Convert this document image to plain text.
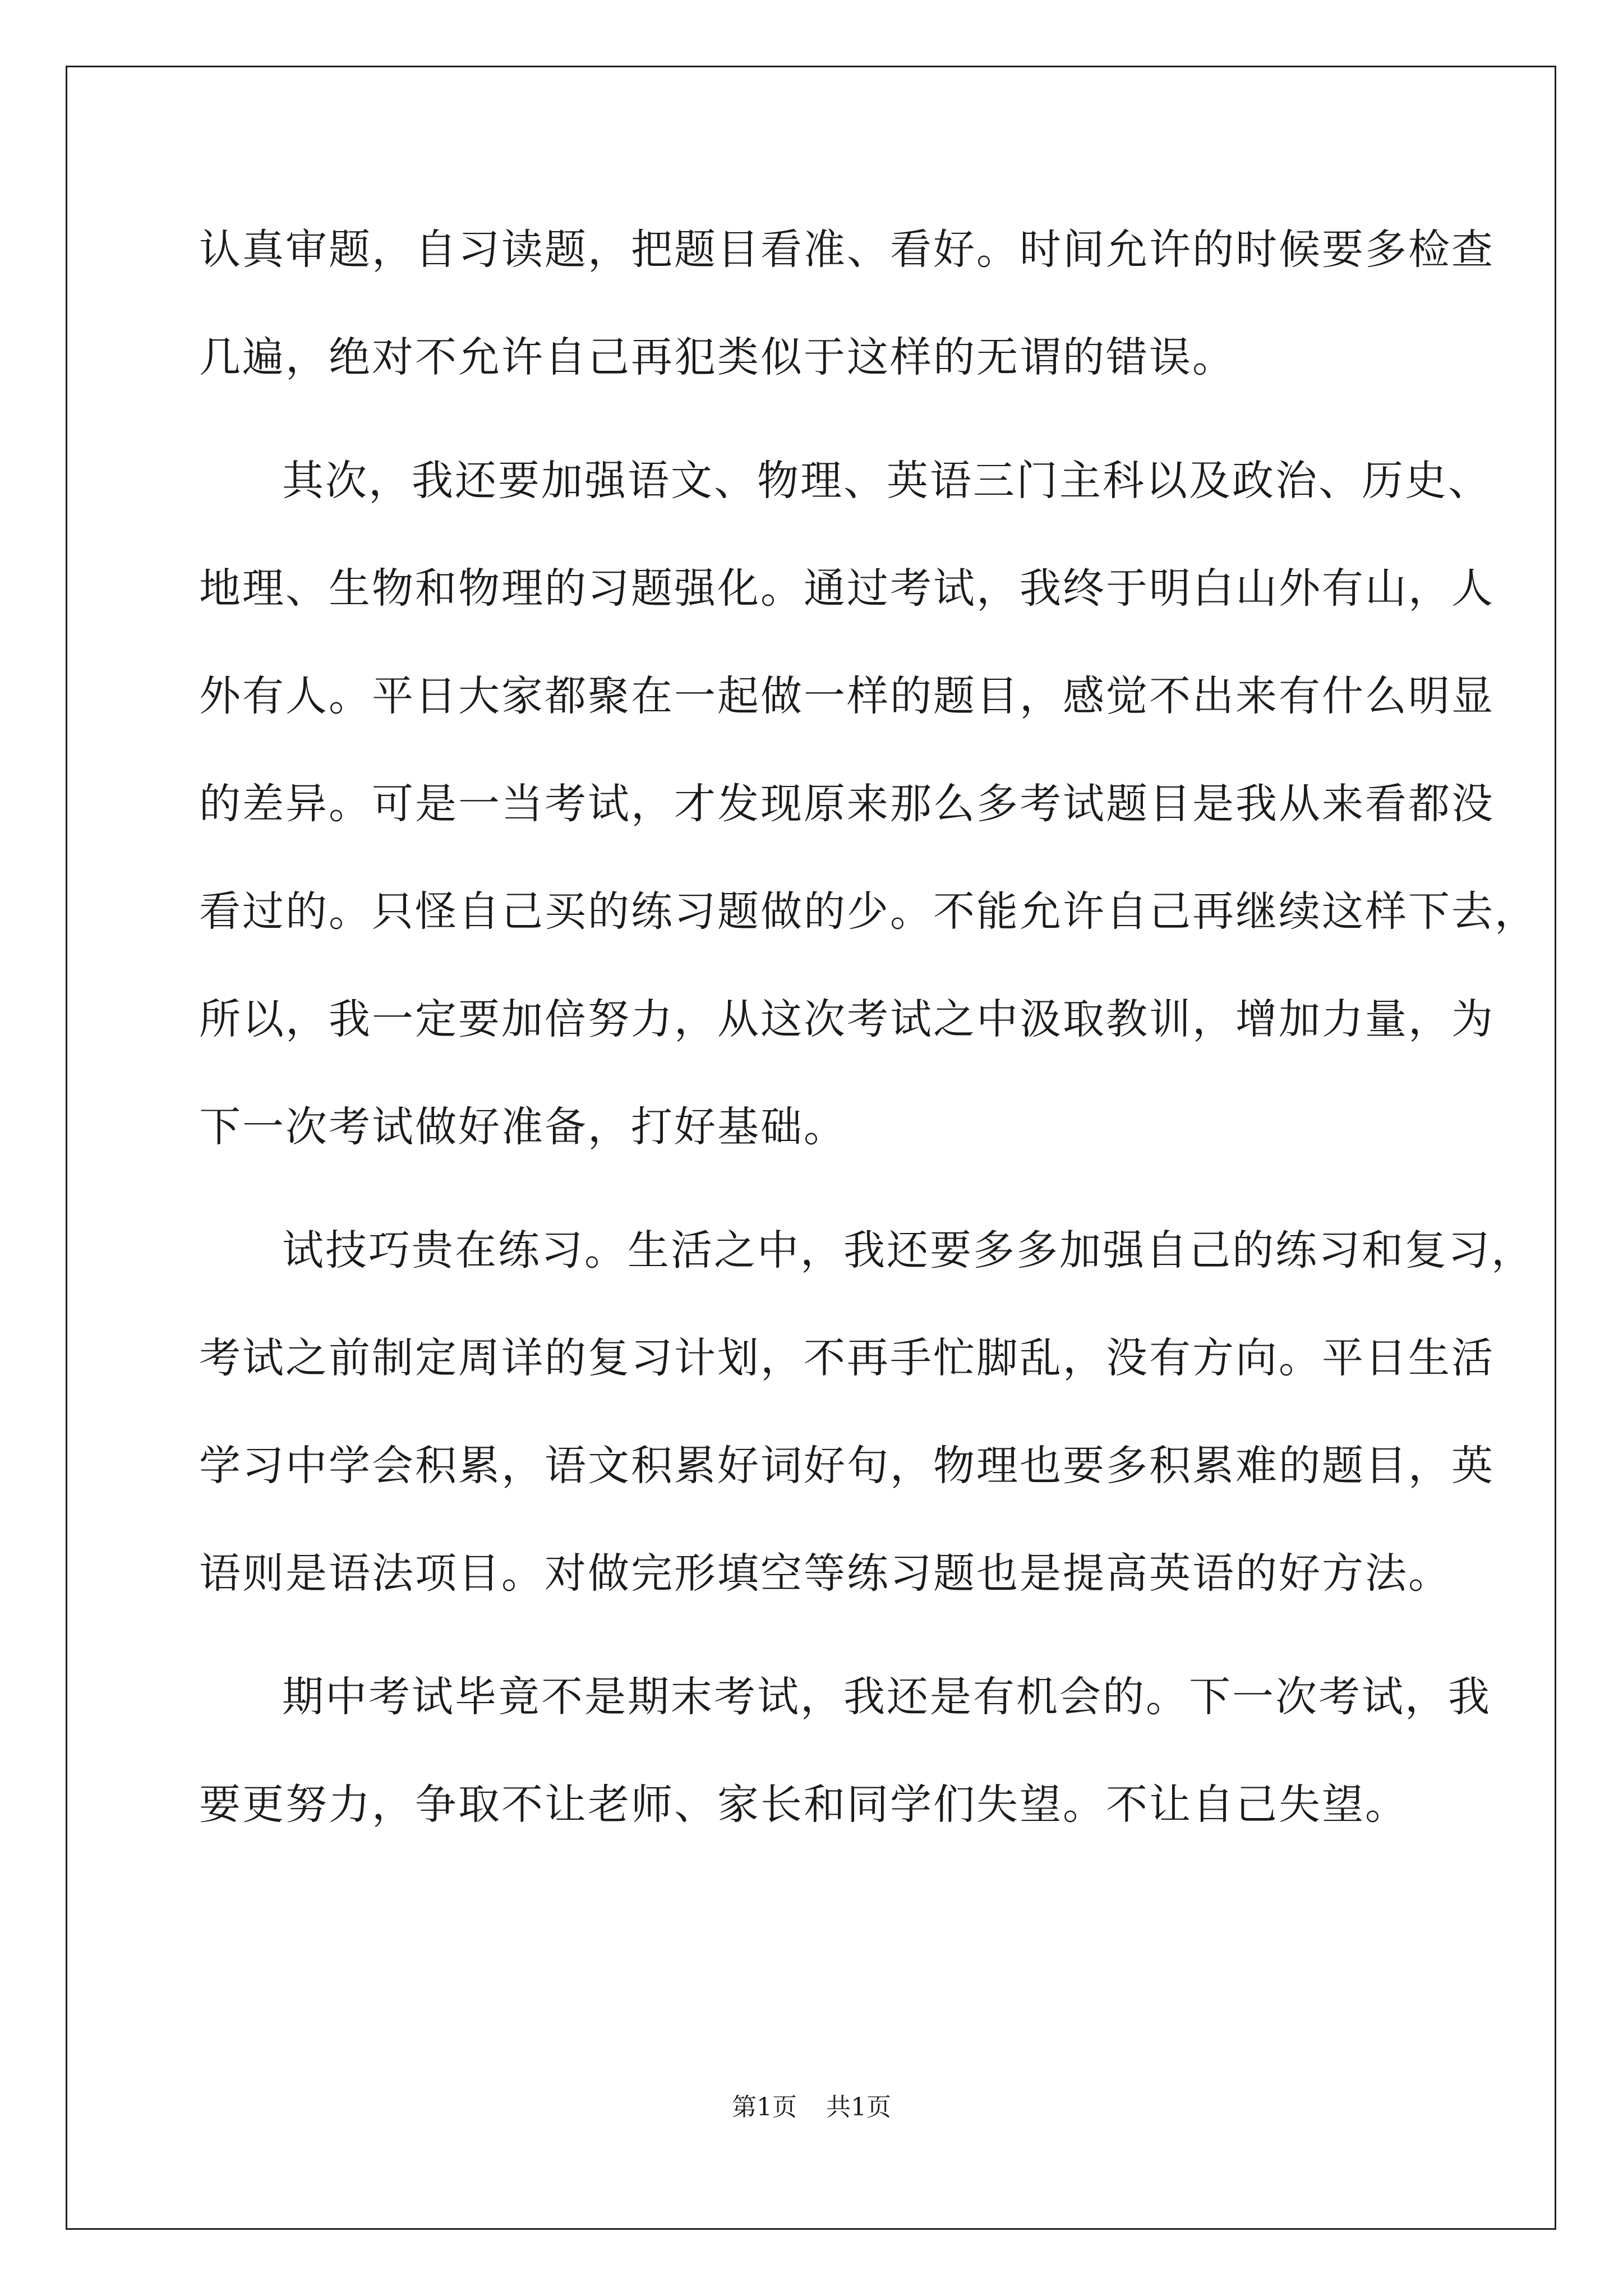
认真审题，自习读题，把题目看准、看好。时间允许的时候要多检查
几遍，绝对不允许自己再犯类似于这样的无谓的错误。
其次，我还要加强语文、物理、英语三门主科以及政治、历史、
地理、生物和物理的习题强化。通过考试，我终于明白山外有山，人
外有人。平日大家都聚在一起做一样的题目，感觉不出来有什么明显
的差异。可是一当考试，才发现原来那么多考试题目是我从来看都没
看过的。只怪自己买的练习题做的少。不能允许自己再继续这样下去，
所以，我一定要加倍努力，从这次考试之中汲取教训，增加力量，为
下一次考试做好准备，打好基础。
试技巧贵在练习。生活之中，我还要多多加强自己的练习和复习，
考试之前制定周详的复习计划，不再手忙脚乱，没有方向。平日生活
学习中学会积累，语文积累好词好句，物理也要多积累难的题目，英
语则是语法项目。对做完形填空等练习题也是提高英语的好方法。
期中考试毕竟不是期末考试，我还是有机会的。下一次考试，我
要更努力，争取不让老师、家长和同学们失望。不让自己失望。
第1页 共1页
